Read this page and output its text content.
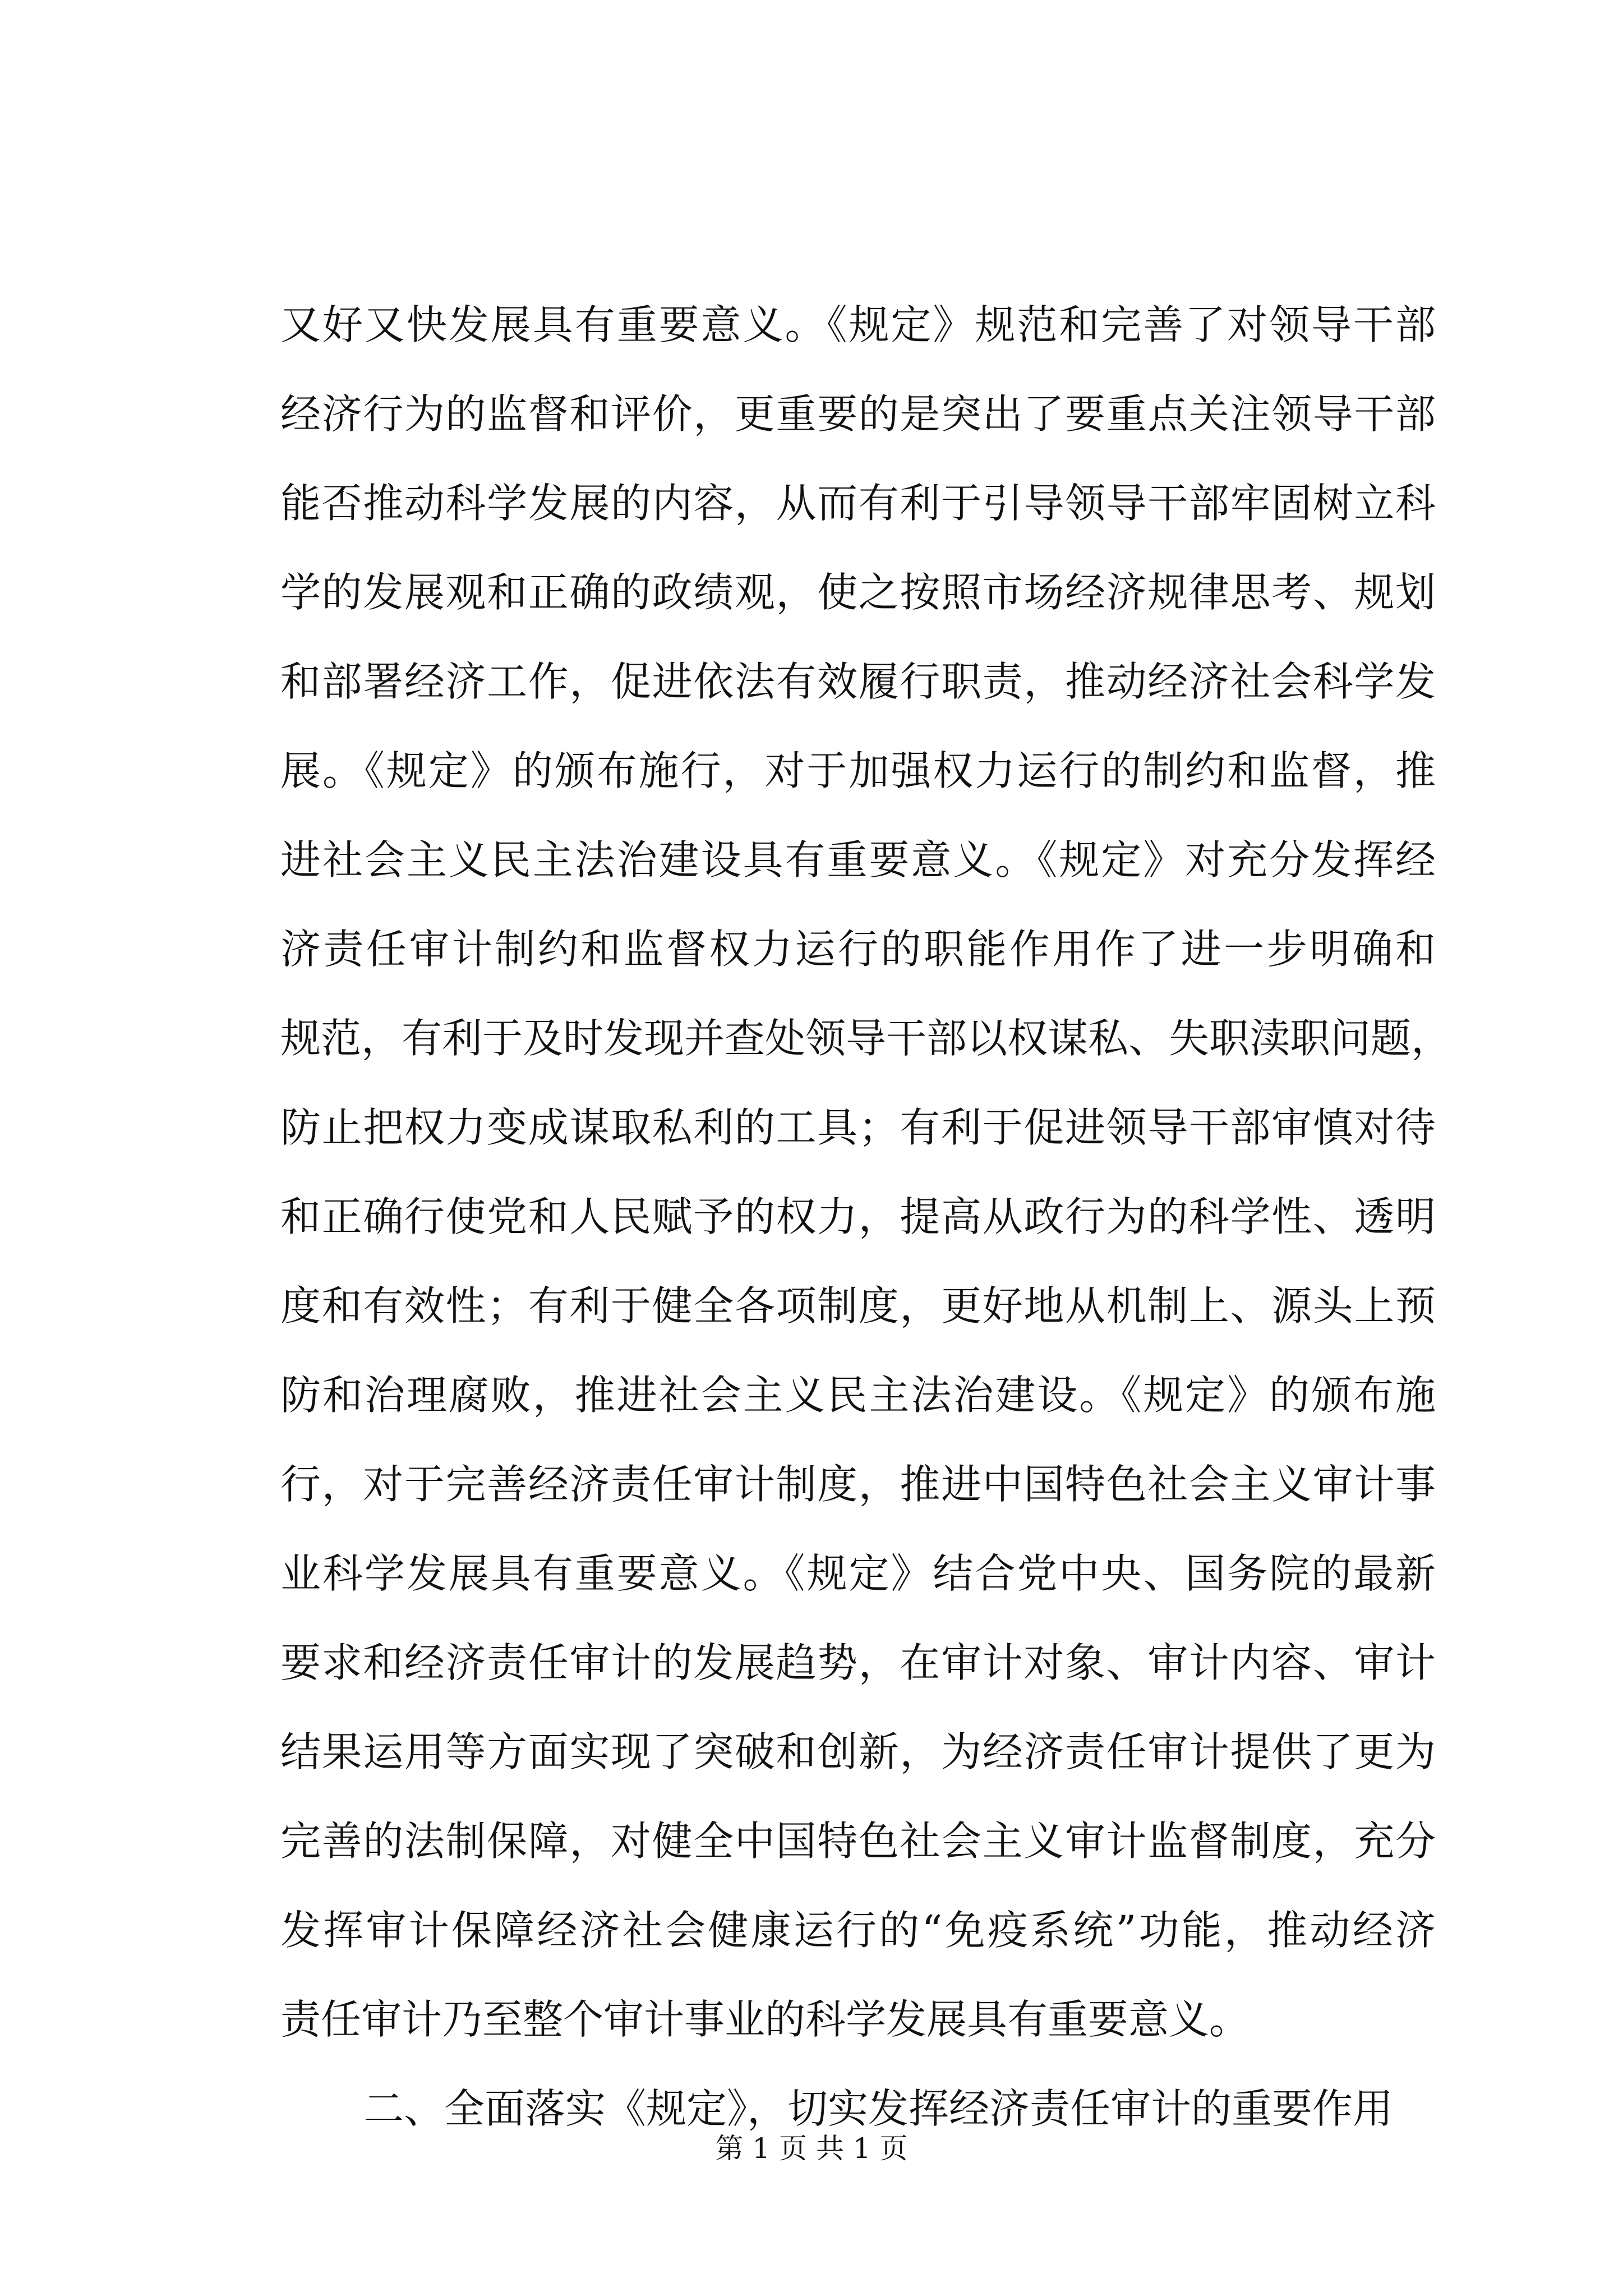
又好又快发展具有重要意义。《规定》规范和完善了对领导干部
经济行为的监督和评价，更重要的是突出了要重点关注领导干部
能否推动科学发展的内容，从而有利于引导领导干部牢固树立科
学的发展观和正确的政绩观，使之按照市场经济规律思考、规划
和部署经济工作，促进依法有效履行职责，推动经济社会科学发
展。《规定》的颁布施行，对于加强权力运行的制约和监督，推
进社会主义民主法治建设具有重要意义。《规定》对充分发挥经
济责任审计制约和监督权力运行的职能作用作了进一步明确和
规范，有利于及时发现并查处领导干部以权谋私、失职渎职问题，
防止把权力变成谋取私利的工具；有利于促进领导干部审慎对待
和正确行使党和人民赋予的权力，提高从政行为的科学性、透明
度和有效性；有利于健全各项制度，更好地从机制上、源头上预
防和治理腐败，推进社会主义民主法治建设。《规定》的颁布施
行，对于完善经济责任审计制度，推进中国特色社会主义审计事
业科学发展具有重要意义。《规定》结合党中央、国务院的最新
要求和经济责任审计的发展趋势，在审计对象、审计内容、审计
结果运用等方面实现了突破和创新，为经济责任审计提供了更为
完善的法制保障，对健全中国特色社会主义审计监督制度，充分
发挥审计保障经济社会健康运行的“免疫系统”功能，推动经济
责任审计乃至整个审计事业的科学发展具有重要意义。
二、全面落实《规定》，切实发挥经济责任审计的重要作用
第 1 页 共 1 页
